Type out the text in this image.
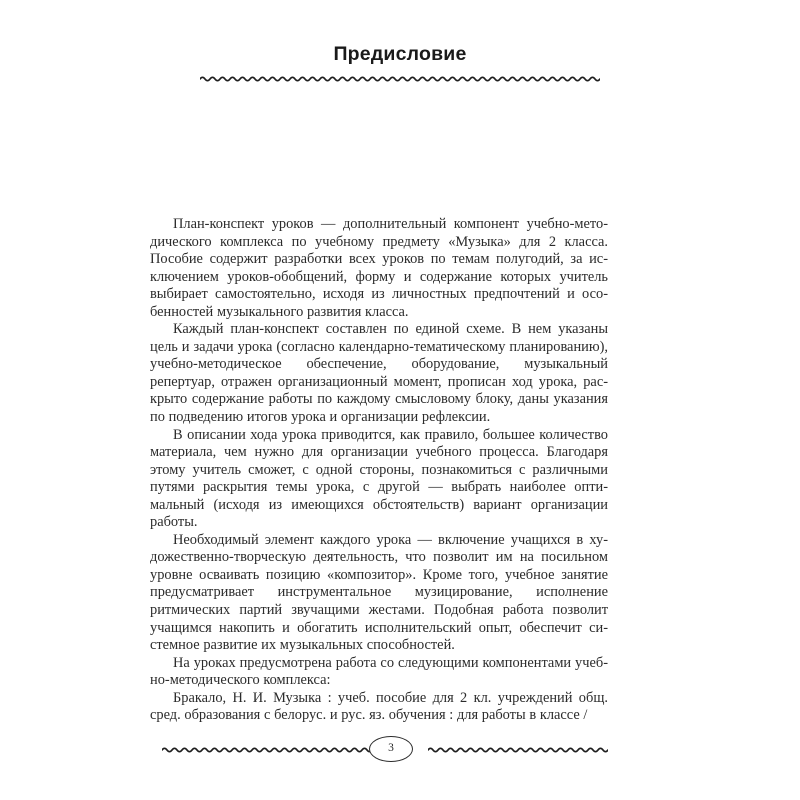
Предисловие

План-конспект уроков — дополнительный компонент учебно-методического комплекса по учебному предмету «Музыка» для 2 класса. Пособие содержит разработки всех уроков по темам полугодий, за исключением уроков-обобщений, форму и содержание которых учитель выбирает самостоятельно, исходя из личностных предпочтений и особенностей музыкального развития класса.

Каждый план-конспект составлен по единой схеме. В нем указаны цель и задачи урока (согласно календарно-тематическому планированию), учебно-методическое обеспечение, оборудование, музыкальный репертуар, отражен организационный момент, прописан ход урока, раскрыто содержание работы по каждому смысловому блоку, даны указания по подведению итогов урока и организации рефлексии.

В описании хода урока приводится, как правило, большее количество материала, чем нужно для организации учебного процесса. Благодаря этому учитель сможет, с одной стороны, познакомиться с различными путями раскрытия темы урока, с другой — выбрать наиболее оптимальный (исходя из имеющихся обстоятельств) вариант организации работы.

Необходимый элемент каждого урока — включение учащихся в художественно-творческую деятельность, что позволит им на посильном уровне осваивать позицию «композитор». Кроме того, учебное занятие предусматривает инструментальное музицирование, исполнение ритмических партий звучащими жестами. Подобная работа позволит учащимся накопить и обогатить исполнительский опыт, обеспечит системное развитие их музыкальных способностей.

На уроках предусмотрена работа со следующими компонентами учебно-методического комплекса:

Бракало, Н. И. Музыка : учеб. пособие для 2 кл. учреждений общ. сред. образования с белорус. и рус. яз. обучения : для работы в классе /

3
